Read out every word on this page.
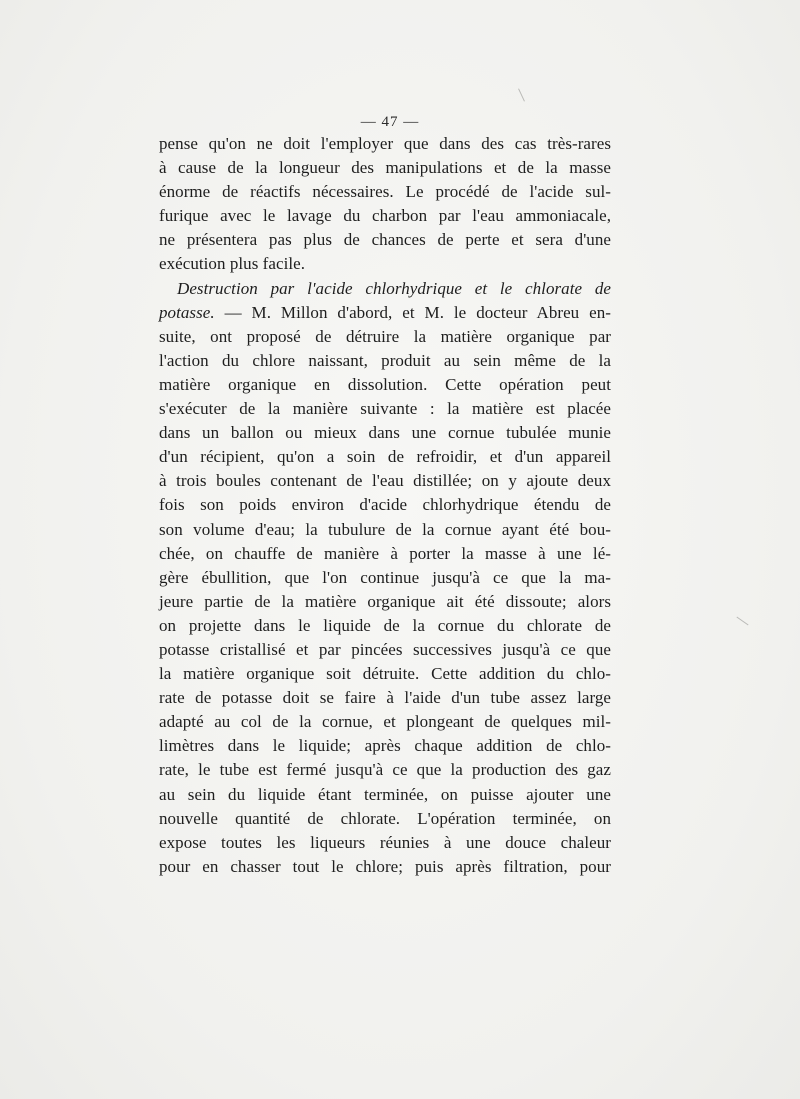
— 47 —
pense qu'on ne doit l'employer que dans des cas très-rares
à cause de la longueur des manipulations et de la masse
énorme de réactifs nécessaires. Le procédé de l'acide sul-
furique avec le lavage du charbon par l'eau ammoniacale,
ne présentera pas plus de chances de perte et sera d'une
exécution plus facile.
Destruction par l'acide chlorhydrique et le chlorate de
potasse. — M. Millon d'abord, et M. le docteur Abreu en-
suite, ont proposé de détruire la matière organique par
l'action du chlore naissant, produit au sein même de la
matière organique en dissolution. Cette opération peut
s'exécuter de la manière suivante : la matière est placée
dans un ballon ou mieux dans une cornue tubulée munie
d'un récipient, qu'on a soin de refroidir, et d'un appareil
à trois boules contenant de l'eau distillée; on y ajoute deux
fois son poids environ d'acide chlorhydrique étendu de
son volume d'eau; la tubulure de la cornue ayant été bou-
chée, on chauffe de manière à porter la masse à une lé-
gère ébullition, que l'on continue jusqu'à ce que la ma-
jeure partie de la matière organique ait été dissoute; alors
on projette dans le liquide de la cornue du chlorate de
potasse cristallisé et par pincées successives jusqu'à ce que
la matière organique soit détruite. Cette addition du chlo-
rate de potasse doit se faire à l'aide d'un tube assez large
adapté au col de la cornue, et plongeant de quelques mil-
limètres dans le liquide; après chaque addition de chlo-
rate, le tube est fermé jusqu'à ce que la production des gaz
au sein du liquide étant terminée, on puisse ajouter une
nouvelle quantité de chlorate. L'opération terminée, on
expose toutes les liqueurs réunies à une douce chaleur
pour en chasser tout le chlore; puis après filtration, pour
